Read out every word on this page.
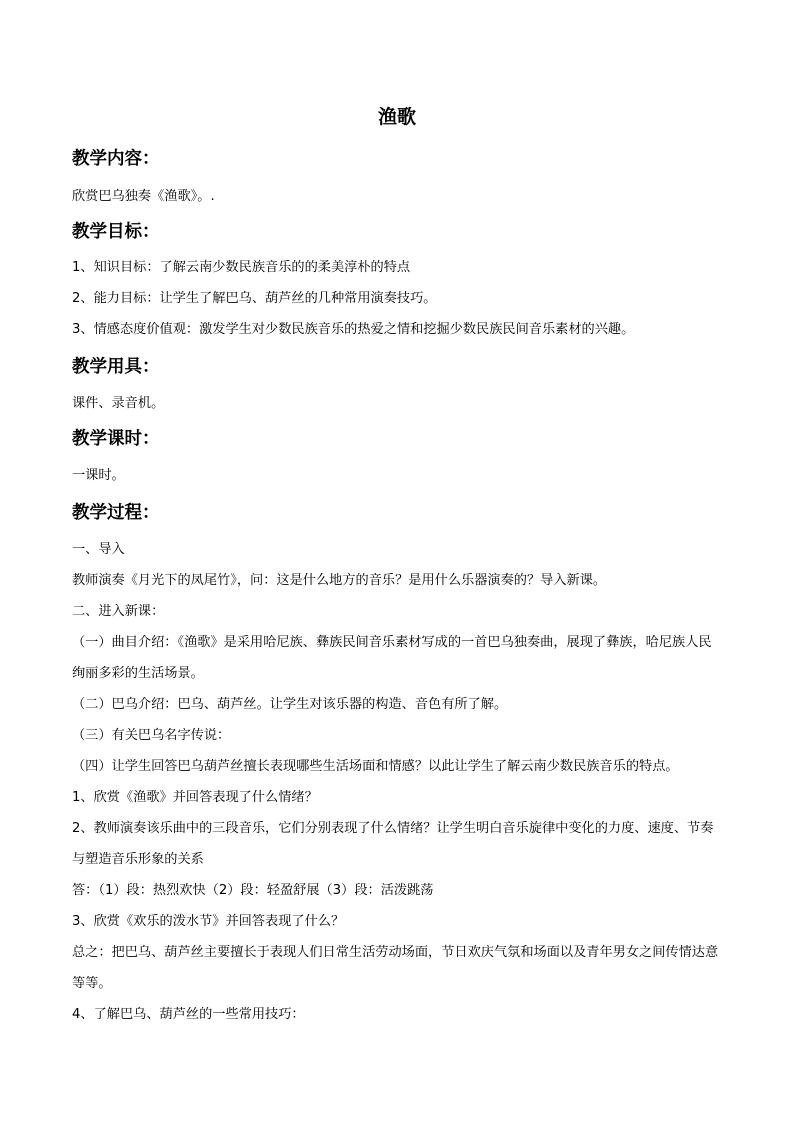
渔歌
教学内容：
欣赏巴乌独奏《渔歌》。.
教学目标：
1、知识目标：了解云南少数民族音乐的的柔美淳朴的特点
2、能力目标：让学生了解巴乌、葫芦丝的几种常用演奏技巧。
3、情感态度价值观：激发学生对少数民族音乐的热爱之情和挖掘少数民族民间音乐素材的兴趣。
教学用具：
课件、录音机。
教学课时：
一课时。
教学过程：
一、导入
教师演奏《月光下的凤尾竹》，问：这是什么地方的音乐？是用什么乐器演奏的？导入新课。
二、进入新课：
（一）曲目介绍：《渔歌》是采用哈尼族、彝族民间音乐素材写成的一首巴乌独奏曲，展现了彝族，哈尼族人民绚丽多彩的生活场景。
（二）巴乌介绍：巴乌、葫芦丝。让学生对该乐器的构造、音色有所了解。
（三）有关巴乌名字传说：
（四）让学生回答巴乌葫芦丝擅长表现哪些生活场面和情感？以此让学生了解云南少数民族音乐的特点。
1、欣赏《渔歌》并回答表现了什么情绪？
2、教师演奏该乐曲中的三段音乐，它们分别表现了什么情绪？让学生明白音乐旋律中变化的力度、速度、节奏与塑造音乐形象的关系
答：（1）段：热烈欢快（2）段：轻盈舒展（3）段：活泼跳荡
3、欣赏《欢乐的泼水节》并回答表现了什么？
总之：把巴乌、葫芦丝主要擅长于表现人们日常生活劳动场面，节日欢庆气氛和场面以及青年男女之间传情达意等等。
4、了解巴乌、葫芦丝的一些常用技巧：
